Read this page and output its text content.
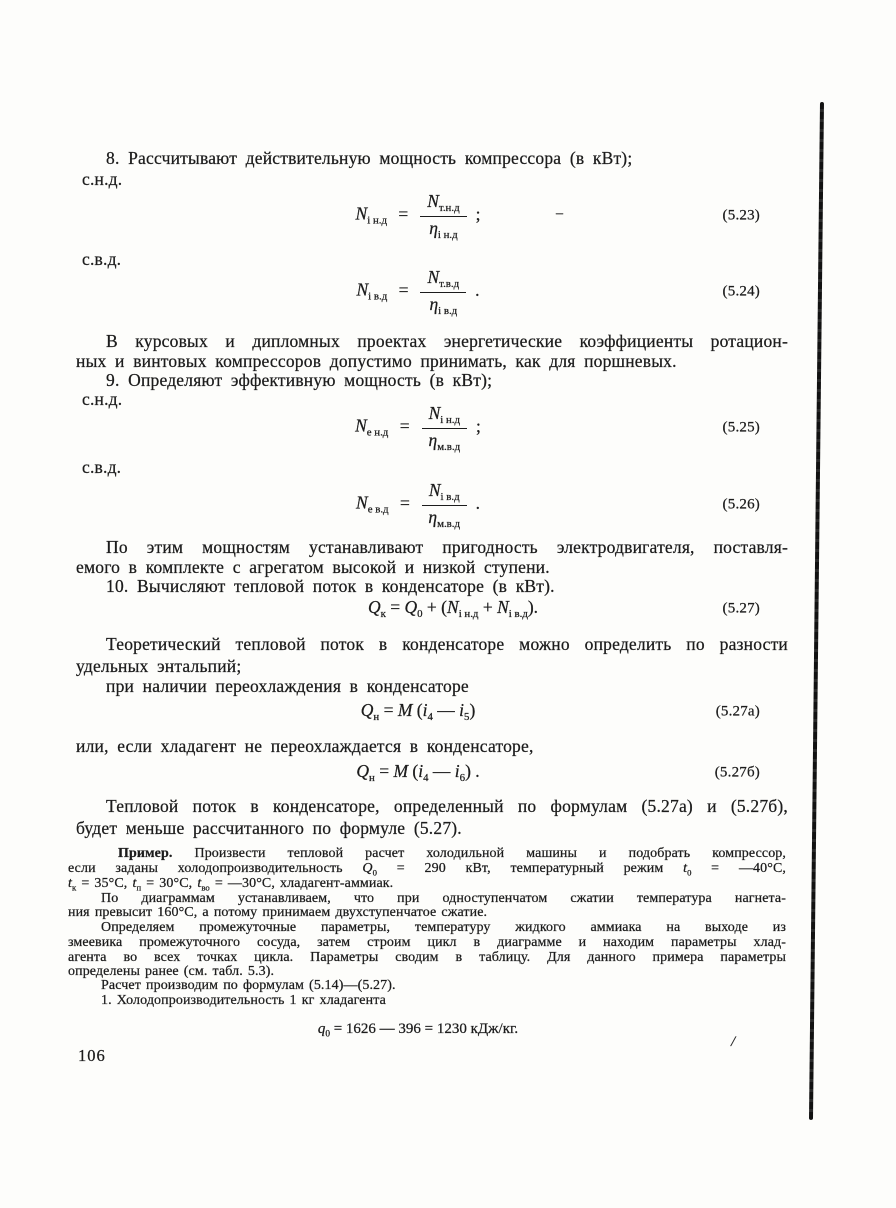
8. Рассчитывают действительную мощность компрессора (в кВт);
с.н.д.
$N_{i н.д} = \frac{N_{т.н.д}}{\eta_{i н.д}}$ ;	(5.23)
–
с.в.д.
$N_{i в.д} = \frac{N_{т.в.д}}{\eta_{i в.д}}$ .	(5.24)
В курсовых и дипломных проектах энергетические коэффициенты ротацион-
ных и винтовых компрессоров допустимо принимать, как для поршневых.
9. Определяют эффективную мощность (в кВт);
с.н.д.
$N_{e н.д} = \frac{N_{i н.д}}{\eta_{м.в.д}}$ ;	(5.25)
с.в.д.
$N_{e в.д} = \frac{N_{i в.д}}{\eta_{м.в.д}}$ .	(5.26)
По этим мощностям устанавливают пригодность электродвигателя, поставля-
емого в комплекте с агрегатом высокой и низкой ступени.
10. Вычисляют тепловой поток в конденсаторе (в кВт).
$Q_к = Q_0 + (N_{i н.д} + N_{i в.д})$.	(5.27)
Теоретический тепловой поток в конденсаторе можно определить по разности
удельных энтальпий;
при наличии переохлаждения в конденсаторе
$Q_н = M$ ($i_4$ — $i_5$)	(5.27а)
или, если хладагент не переохлаждается в конденсаторе,
$Q_н = M$ ($i_4$ — $i_6$) .	(5.27б)
Тепловой поток в конденсаторе, определенный по формулам (5.27а) и (5.27б),
будет меньше рассчитанного по формуле (5.27).
Пример. Произвести тепловой расчет холодильной машины и подобрать компрессор,
если заданы холодопроизводительность $Q_0 = 290$ кВт, температурный режим $t_0$ = —40°С,
$t_к = 35^\circ С$, $t_п = 30^\circ С$, $t_{во}$ = —30°С, хладагент-аммиак.
По диаграммам устанавливаем, что при одноступенчатом сжатии температура нагнета-
ния превысит 160°С, а потому принимаем двухступенчатое сжатие.
Определяем промежуточные параметры, температуру жидкого аммиака на выходе из
змеевика промежуточного сосуда, затем строим цикл в диаграмме и находим параметры хлад-
агента во всех точках цикла. Параметры сводим в таблицу. Для данного примера параметры
определены ранее (см. табл. 5.3).
Расчет производим по формулам (5.14)—(5.27).
1. Холодопроизводительность 1 кг хладагента
$q_0 = 1626$ — 396 = 1230 кДж/кг.
/
106
